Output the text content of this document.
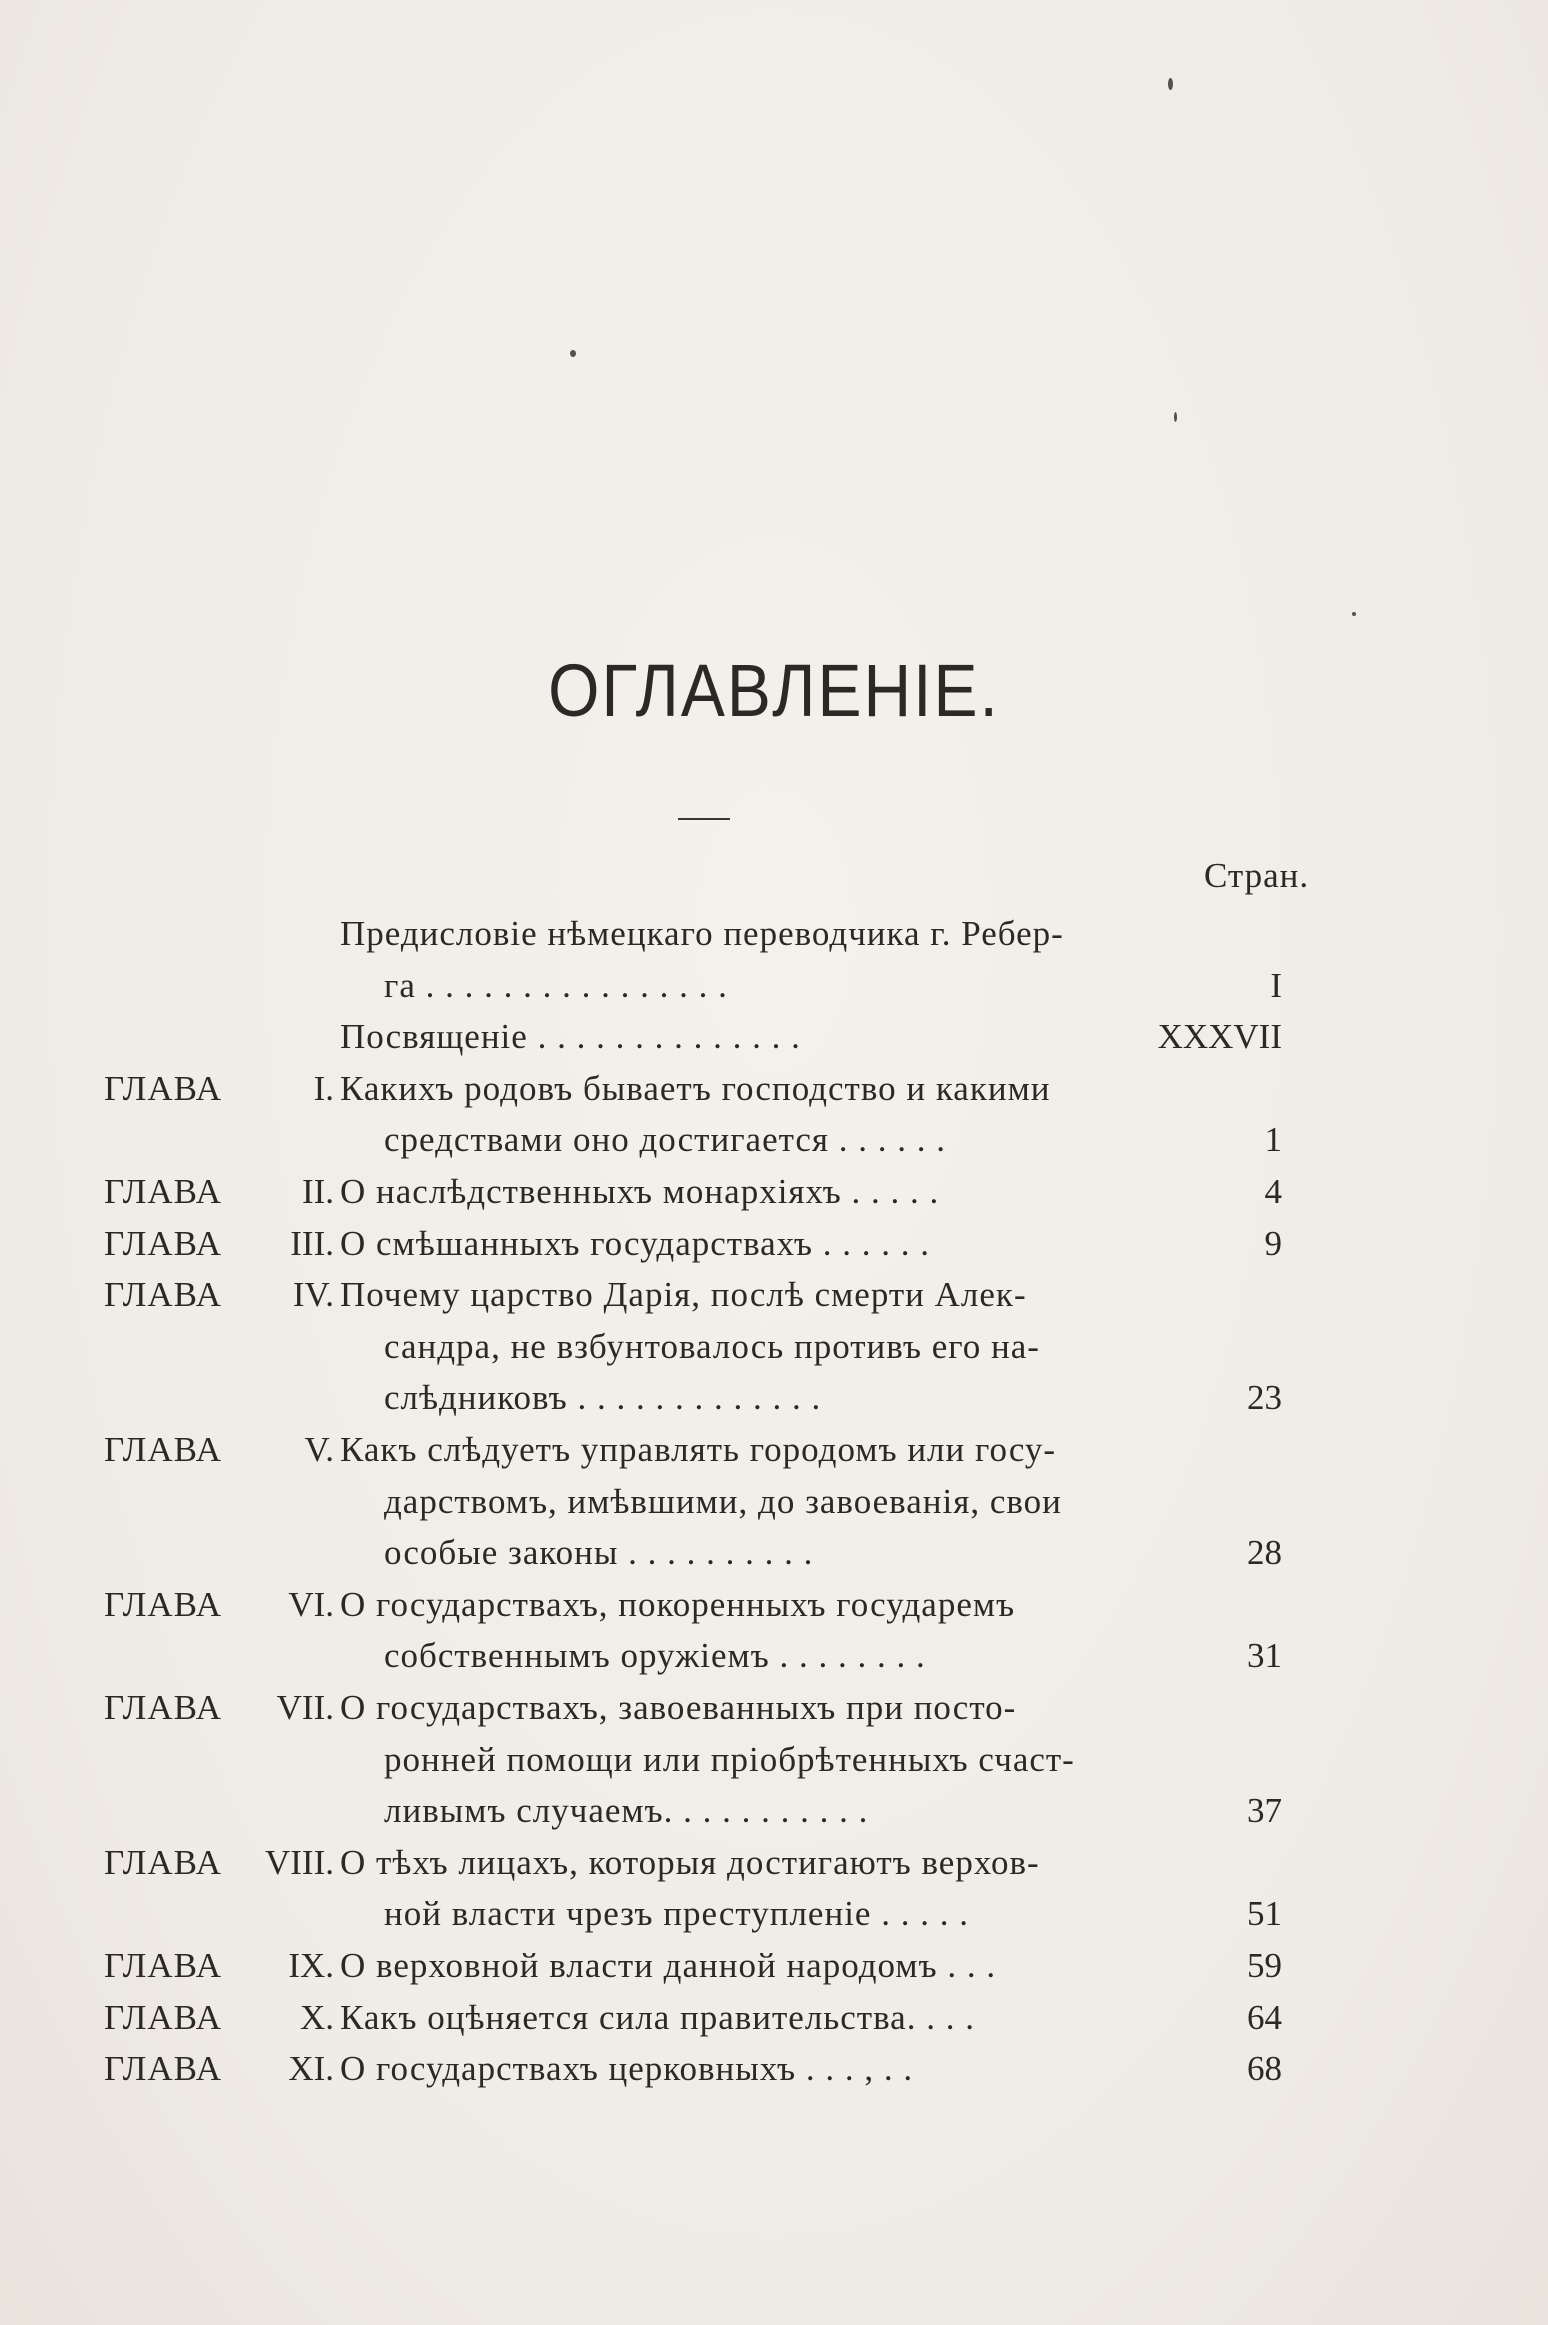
ОГЛАВЛЕНІЕ.
Стран.
Предисловіе нѣмецкаго переводчика г. Ребер-
га . . . . . . . . . . . . . . . .	I
Посвященіе . . . . . . . . . . . . . .	XXXVII
ГЛАВА	I. Какихъ родовъ бываетъ господство и какими
средствами оно достигается . . . . . .	1
ГЛАВА	II. О наслѣдственныхъ монархіяхъ . . . . .	4
ГЛАВА	III. О смѣшанныхъ государствахъ . . . . . .	9
ГЛАВА	IV. Почему царство Дарія, послѣ смерти Алек-
сандра, не взбунтовалось противъ его на-
слѣдниковъ . . . . . . . . . . . . .	23
ГЛАВА	V. Какъ слѣдуетъ управлять городомъ или госу-
дарствомъ, имѣвшими, до завоеванія, свои
особые законы . . . . . . . . . .	28
ГЛАВА	VI. О государствахъ, покоренныхъ государемъ
собственнымъ оружіемъ . . . . . . . .	31
ГЛАВА	VII. О государствахъ, завоеванныхъ при посто-
ронней помощи или пріобрѣтенныхъ счаст-
ливымъ случаемъ. . . . . . . . . . .	37
ГЛАВА	VIII. О тѣхъ лицахъ, которыя достигаютъ верхов-
ной власти чрезъ преступленіе . . . . .	51
ГЛАВА	IX. О верховной власти данной народомъ . . .	59
ГЛАВА	X. Какъ оцѣняется сила правительства. . . .	64
ГЛАВА	XI. О государствахъ церковныхъ . . . , . .	68
